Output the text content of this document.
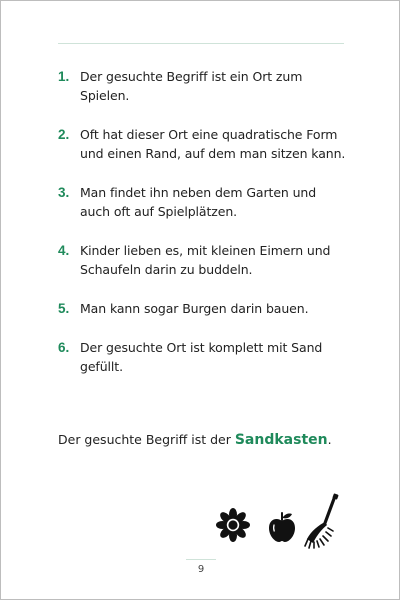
1. Der gesuchte Begriff ist ein Ort zum Spielen.
2. Oft hat dieser Ort eine quadratische Form und einen Rand, auf dem man sitzen kann.
3. Man findet ihn neben dem Garten und auch oft auf Spielplätzen.
4. Kinder lieben es, mit kleinen Eimern und Schaufeln darin zu buddeln.
5. Man kann sogar Burgen darin bauen.
6. Der gesuchte Ort ist komplett mit Sand gefüllt.

Der gesuchte Begriff ist der Sandkasten.

9
